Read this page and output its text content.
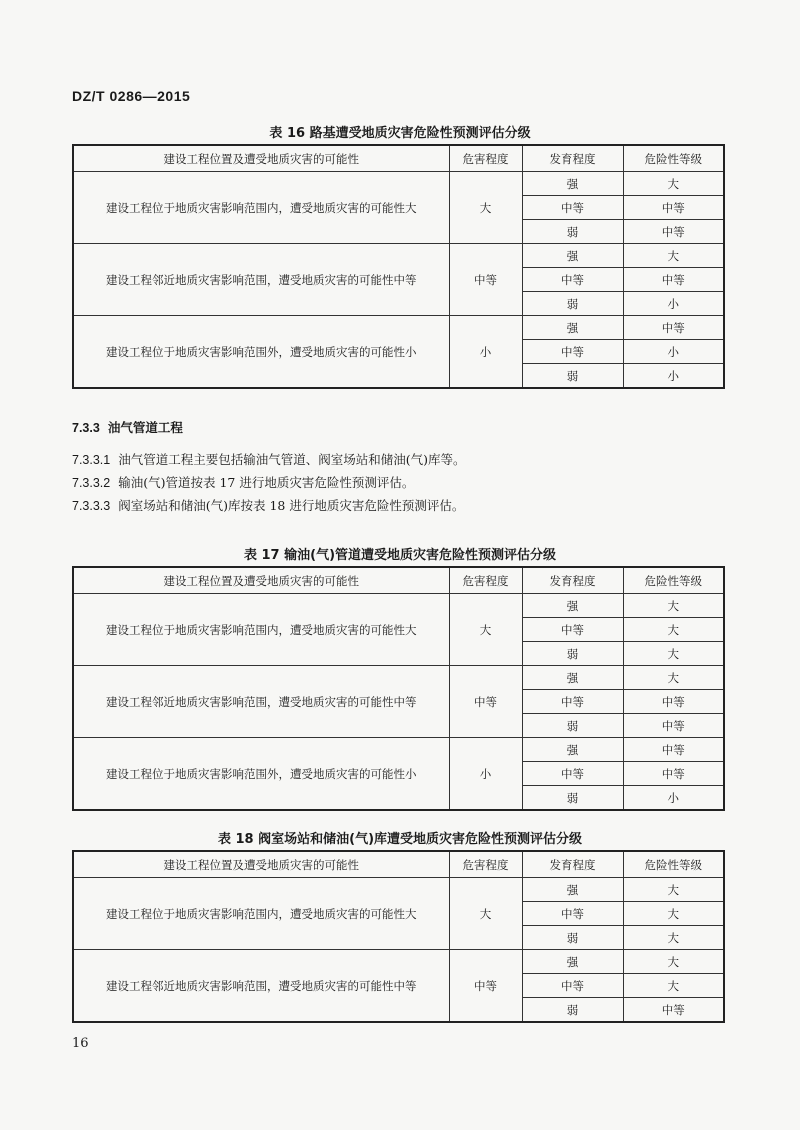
DZ/T 0286—2015
表 16 路基遭受地质灾害危险性预测评估分级
建设工程位置及遭受地质灾害的可能性	危害程度	发育程度	危险性等级
建设工程位于地质灾害影响范围内，遭受地质灾害的可能性大	大	强	大
		中等	中等
		弱	中等
建设工程邻近地质灾害影响范围，遭受地质灾害的可能性中等	中等	强	大
		中等	中等
		弱	小
建设工程位于地质灾害影响范围外，遭受地质灾害的可能性小	小	强	中等
		中等	小
		弱	小
7.3.3 油气管道工程
7.3.3.1 油气管道工程主要包括输油气管道、阀室场站和储油(气)库等。
7.3.3.2 输油(气)管道按表 17 进行地质灾害危险性预测评估。
7.3.3.3 阀室场站和储油(气)库按表 18 进行地质灾害危险性预测评估。
表 17 输油(气)管道遭受地质灾害危险性预测评估分级
建设工程位置及遭受地质灾害的可能性	危害程度	发育程度	危险性等级
建设工程位于地质灾害影响范围内，遭受地质灾害的可能性大	大	强	大
		中等	大
		弱	大
建设工程邻近地质灾害影响范围，遭受地质灾害的可能性中等	中等	强	大
		中等	中等
		弱	中等
建设工程位于地质灾害影响范围外，遭受地质灾害的可能性小	小	强	中等
		中等	中等
		弱	小
表 18 阀室场站和储油(气)库遭受地质灾害危险性预测评估分级
建设工程位置及遭受地质灾害的可能性	危害程度	发育程度	危险性等级
建设工程位于地质灾害影响范围内，遭受地质灾害的可能性大	大	强	大
		中等	大
		弱	大
建设工程邻近地质灾害影响范围，遭受地质灾害的可能性中等	中等	强	大
		中等	大
		弱	中等
16
